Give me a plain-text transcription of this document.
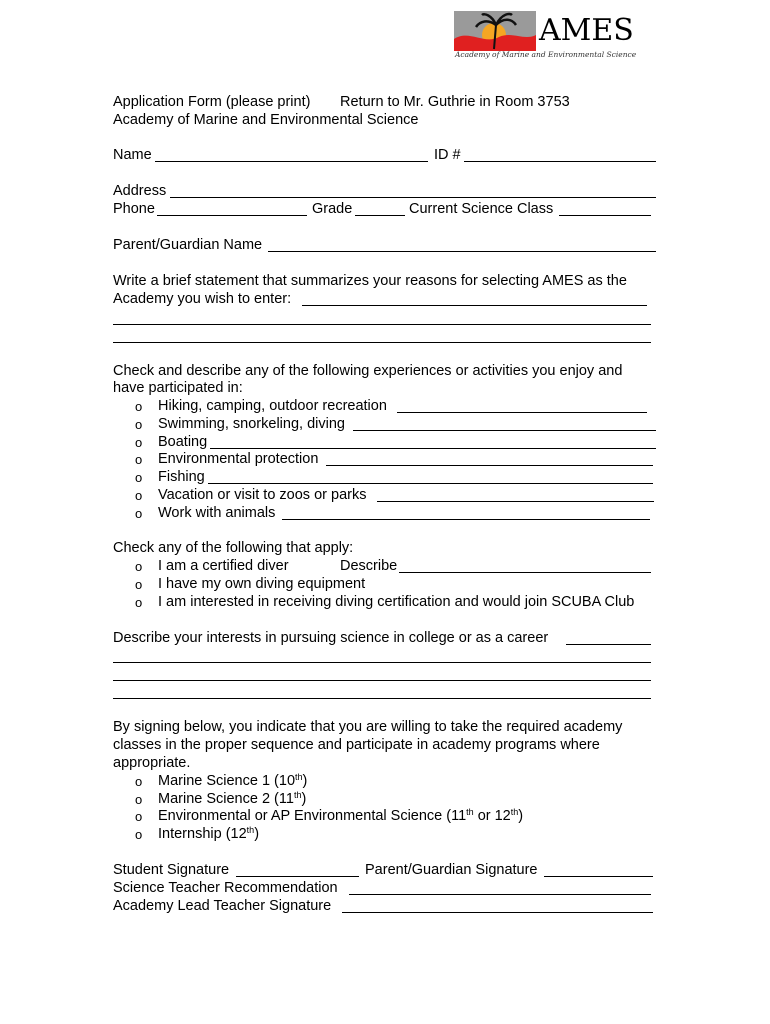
AMES
Academy of Marine and Environmental Science
Application Form (please print) Return to Mr. Guthrie in Room 3753
Academy of Marine and Environmental Science
Name	ID #
Address
Phone	Grade	Current Science Class
Parent/Guardian Name
Write a brief statement that summarizes your reasons for selecting AMES as the
Academy you wish to enter:
Check and describe any of the following experiences or activities you enjoy and
have participated in:
o Hiking, camping, outdoor recreation
o Swimming, snorkeling, diving
o Boating
o Environmental protection
o Fishing
o Vacation or visit to zoos or parks
o Work with animals
Check any of the following that apply:
o I am a certified diver	Describe
o I have my own diving equipment
o I am interested in receiving diving certification and would join SCUBA Club
Describe your interests in pursuing science in college or as a career
By signing below, you indicate that you are willing to take the required academy
classes in the proper sequence and participate in academy programs where
appropriate.
o Marine Science 1 (10th)
o Marine Science 2 (11th)
o Environmental or AP Environmental Science (11th or 12th)
o Internship (12th)
Student Signature	Parent/Guardian Signature
Science Teacher Recommendation
Academy Lead Teacher Signature
